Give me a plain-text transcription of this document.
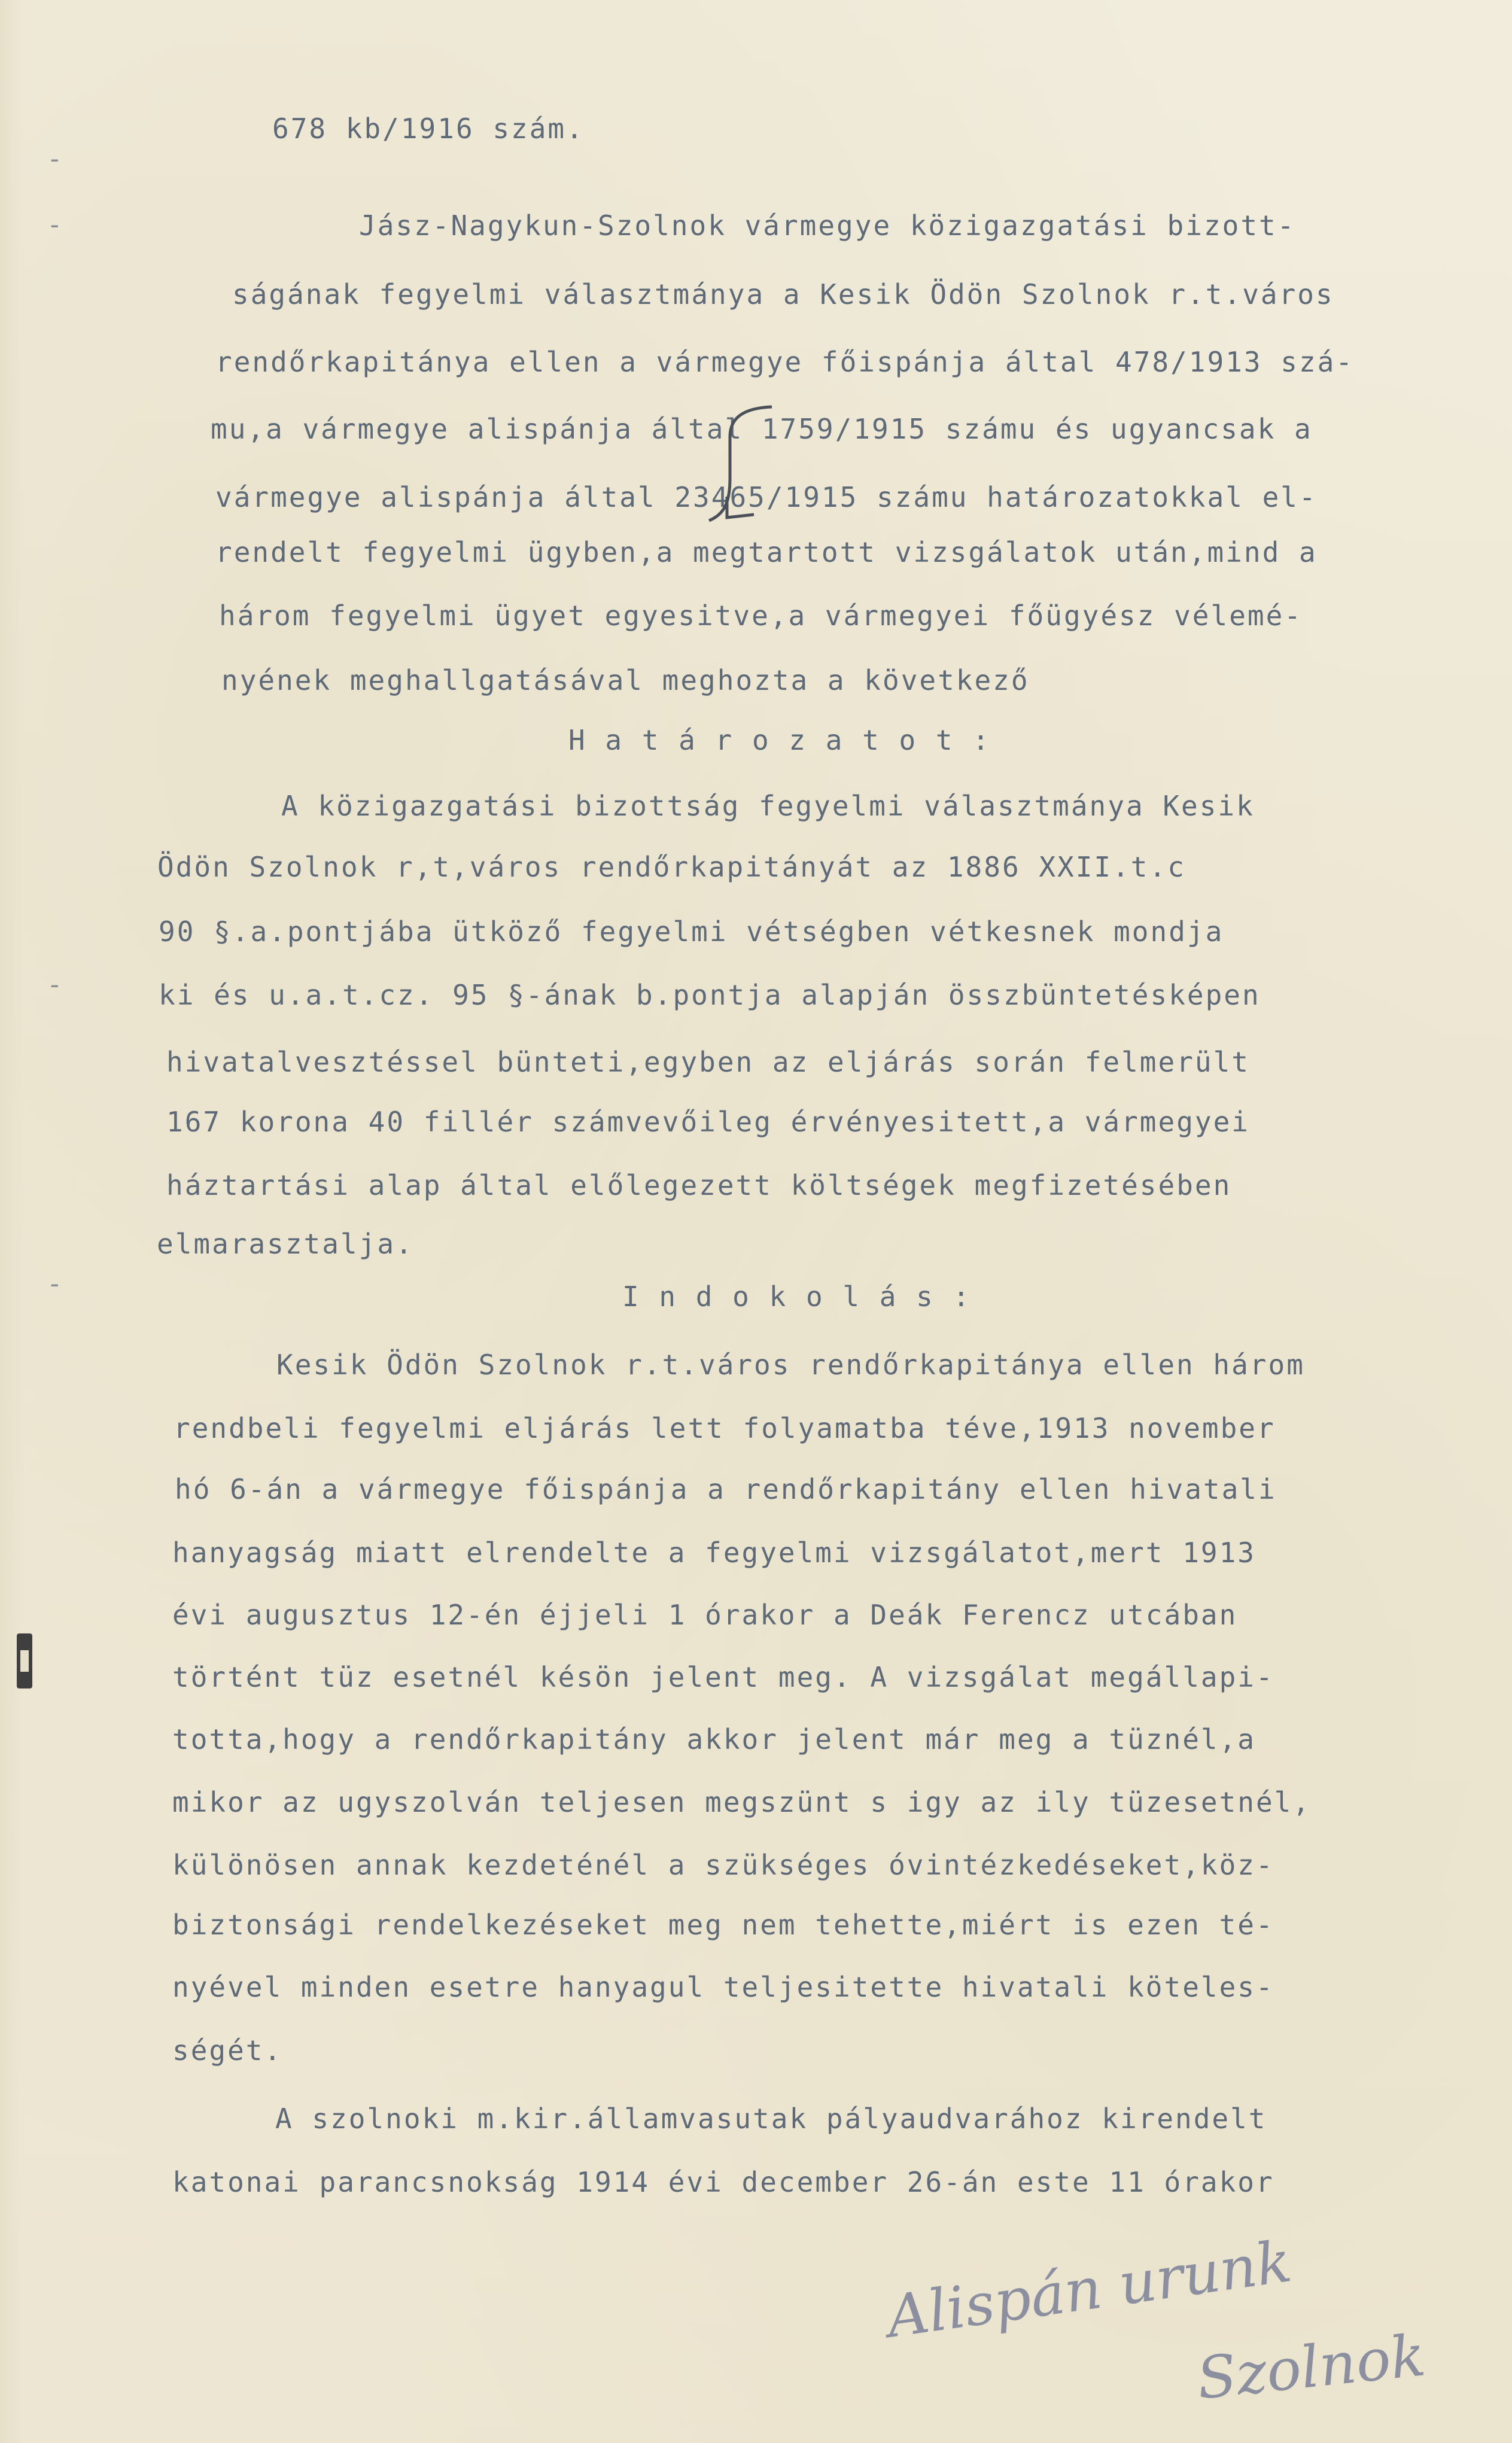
-
-
-
-

678 kb/1916 szám.

Jász-Nagykun-Szolnok vármegye közigazgatási bizott-

ságának fegyelmi választmánya a Kesik Ödön Szolnok r.t.város

rendőrkapitánya ellen a vármegye főispánja által 478/1913 szá-

mu,a vármegye alispánja által 1759/1915 számu és ugyancsak a

vármegye alispánja által 23465/1915 számu határozatokkal el-

rendelt fegyelmi ügyben,a megtartott vizsgálatok után,mind a

három fegyelmi ügyet egyesitve,a vármegyei főügyész vélemé-

nyének meghallgatásával meghozta a következő

H a t á r o z a t o t :

A közigazgatási bizottság fegyelmi választmánya Kesik

Ödön Szolnok r,t,város rendőrkapitányát az 1886 XXII.t.c

90 §.a.pontjába ütköző fegyelmi vétségben vétkesnek mondja

ki és u.a.t.cz. 95 §-ának b.pontja alapján összbüntetésképen

hivatalvesztéssel bünteti,egyben az eljárás során felmerült

167 korona 40 fillér számvevőileg érvényesitett,a vármegyei

háztartási alap által előlegezett költségek megfizetésében

elmarasztalja.

I n d o k o l á s :

Kesik Ödön Szolnok r.t.város rendőrkapitánya ellen három

rendbeli fegyelmi eljárás lett folyamatba téve,1913 november

hó 6-án a vármegye főispánja a rendőrkapitány ellen hivatali

hanyagság miatt elrendelte a fegyelmi vizsgálatot,mert 1913

évi augusztus 12-én éjjeli 1 órakor a Deák Ferencz utcában

történt tüz esetnél késön jelent meg. A vizsgálat megállapi-

totta,hogy a rendőrkapitány akkor jelent már meg a tüznél,a

mikor az ugyszolván teljesen megszünt s igy az ily tüzesetnél,

különösen annak kezdeténél a szükséges óvintézkedéseket,köz-

biztonsági rendelkezéseket meg nem tehette,miért is ezen té-

nyével minden esetre hanyagul teljesitette hivatali köteles-

ségét.

A szolnoki m.kir.államvasutak pályaudvarához kirendelt

katonai parancsnokság 1914 évi december 26-án este 11 órakor

Alispán urunk
Szolnok
